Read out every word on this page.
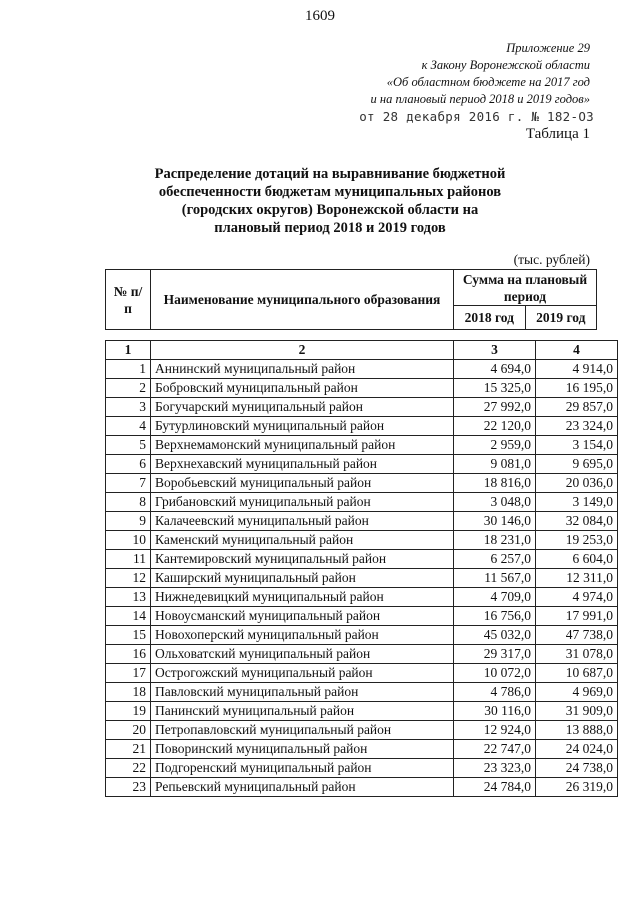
1609
Приложение 29
к Закону Воронежской области
«Об областном бюджете на 2017 год
и на плановый период 2018 и 2019 годов»
от 28 декабря 2016 г. № 182-ОЗ
Таблица 1
Распределение дотаций на выравнивание бюджетной
обеспеченности бюджетам муниципальных районов
(городских округов) Воронежской области на
плановый период 2018 и 2019 годов
(тыс. рублей)
№ п/п	Наименование муниципального образования	Сумма на плановый период	
		2018 год	2019 год
1	2	3	4
1	Аннинский муниципальный район	4 694,0	4 914,0
2	Бобровский муниципальный район	15 325,0	16 195,0
3	Богучарский муниципальный район	27 992,0	29 857,0
4	Бутурлиновский муниципальный район	22 120,0	23 324,0
5	Верхнемамонский муниципальный район	2 959,0	3 154,0
6	Верхнехавский муниципальный район	9 081,0	9 695,0
7	Воробьевский муниципальный район	18 816,0	20 036,0
8	Грибановский муниципальный район	3 048,0	3 149,0
9	Калачеевский муниципальный район	30 146,0	32 084,0
10	Каменский муниципальный район	18 231,0	19 253,0
11	Кантемировский муниципальный район	6 257,0	6 604,0
12	Каширский муниципальный район	11 567,0	12 311,0
13	Нижнедевицкий муниципальный район	4 709,0	4 974,0
14	Новоусманский муниципальный район	16 756,0	17 991,0
15	Новохоперский муниципальный район	45 032,0	47 738,0
16	Ольховатский муниципальный район	29 317,0	31 078,0
17	Острогожский муниципальный район	10 072,0	10 687,0
18	Павловский муниципальный район	4 786,0	4 969,0
19	Панинский муниципальный район	30 116,0	31 909,0
20	Петропавловский муниципальный район	12 924,0	13 888,0
21	Поворинский муниципальный район	22 747,0	24 024,0
22	Подгоренский муниципальный район	23 323,0	24 738,0
23	Репьевский муниципальный район	24 784,0	26 319,0
